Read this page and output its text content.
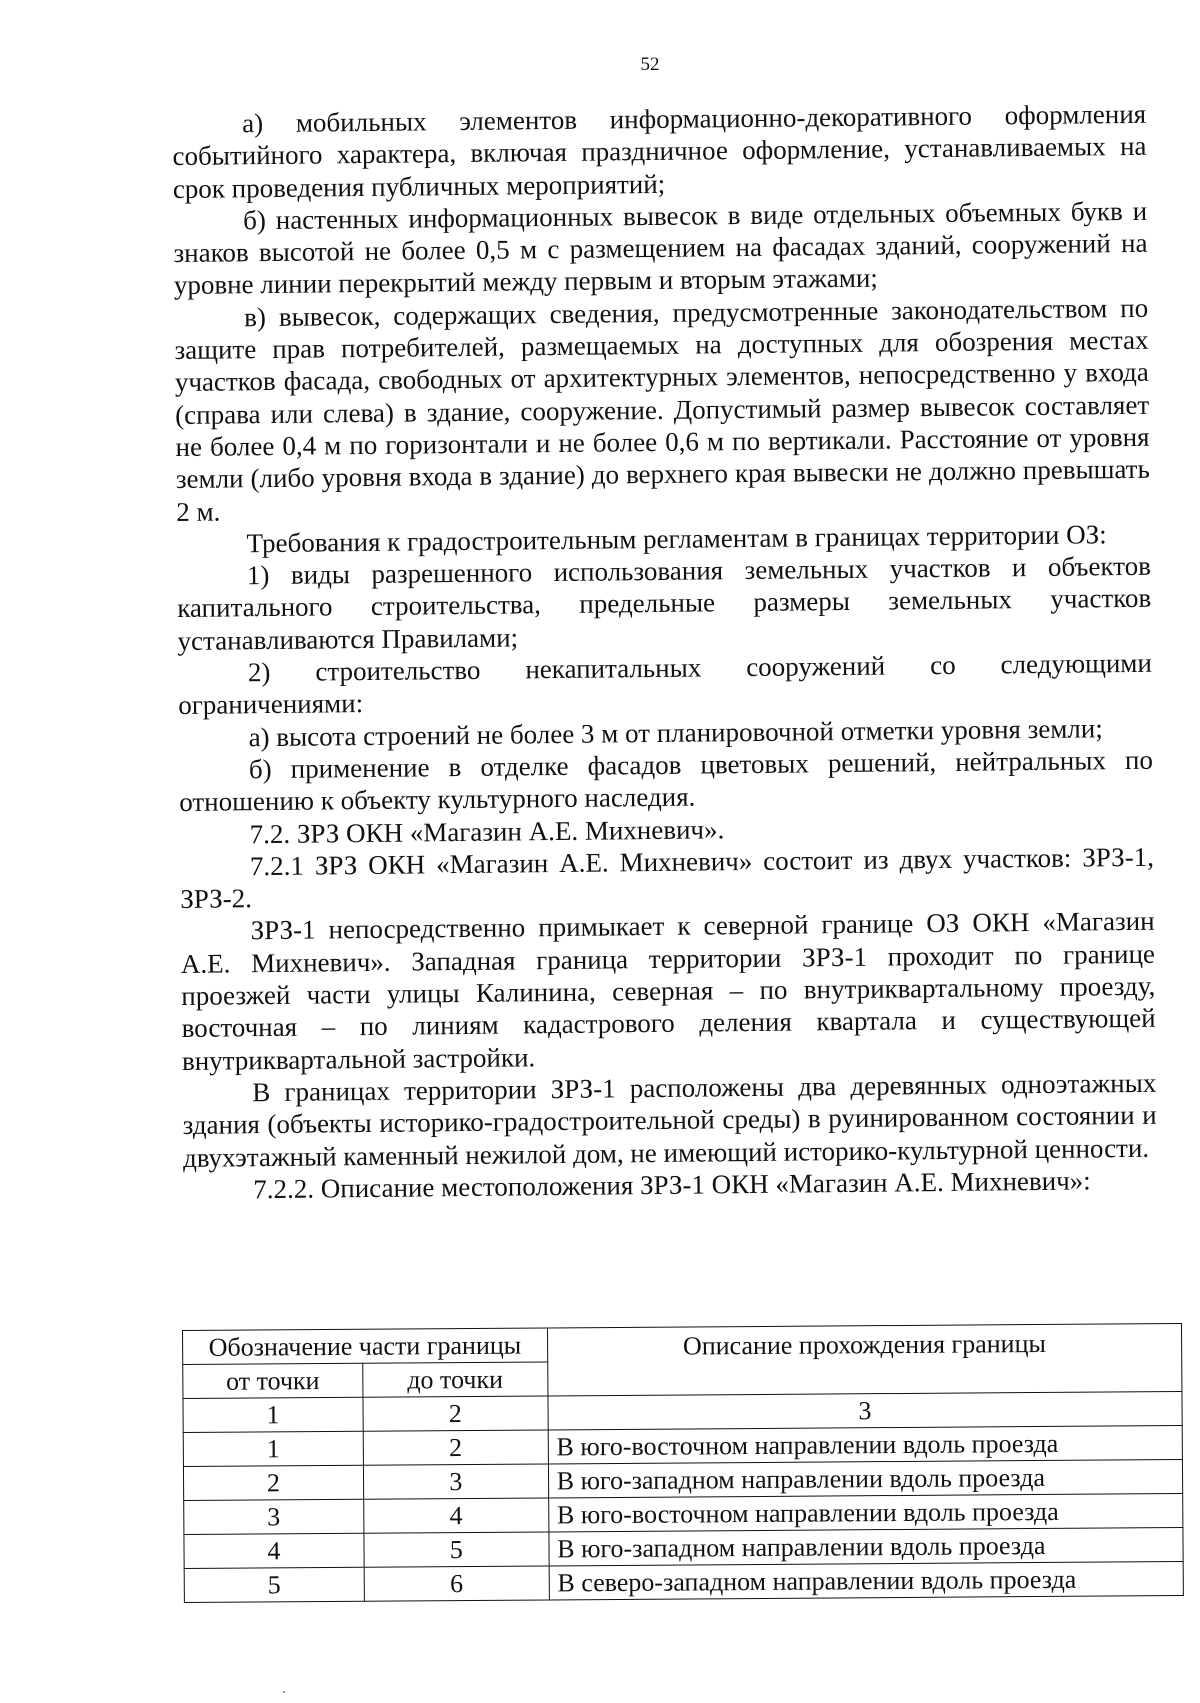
52

а) мобильных элементов информационно-декоративного оформления событийного характера, включая праздничное оформление, устанавливаемых на срок проведения публичных мероприятий;

б) настенных информационных вывесок в виде отдельных объемных букв и знаков высотой не более 0,5 м с размещением на фасадах зданий, сооружений на уровне линии перекрытий между первым и вторым этажами;

в) вывесок, содержащих сведения, предусмотренные законодательством по защите прав потребителей, размещаемых на доступных для обозрения местах участков фасада, свободных от архитектурных элементов, непосредственно у входа (справа или слева) в здание, сооружение. Допустимый размер вывесок составляет не более 0,4 м по горизонтали и не более 0,6 м по вертикали. Расстояние от уровня земли (либо уровня входа в здание) до верхнего края вывески не должно превышать 2 м.

Требования к градостроительным регламентам в границах территории ОЗ:

1) виды разрешенного использования земельных участков и объектов капитального строительства, предельные размеры земельных участков устанавливаются Правилами;

2) строительство некапитальных сооружений со следующими ограничениями:

а) высота строений не более 3 м от планировочной отметки уровня земли;

б) применение в отделке фасадов цветовых решений, нейтральных по отношению к объекту культурного наследия.

7.2. ЗРЗ ОКН «Магазин А.Е. Михневич».

7.2.1 ЗРЗ ОКН «Магазин А.Е. Михневич» состоит из двух участков: ЗРЗ-1, ЗРЗ-2.

ЗРЗ-1 непосредственно примыкает к северной границе ОЗ ОКН «Магазин А.Е. Михневич». Западная граница территории ЗРЗ-1 проходит по границе проезжей части улицы Калинина, северная – по внутриквартальному проезду, восточная – по линиям кадастрового деления квартала и существующей внутриквартальной застройки.

В границах территории ЗРЗ-1 расположены два деревянных одноэтажных здания (объекты историко-градостроительной среды) в руинированном состоянии и двухэтажный каменный нежилой дом, не имеющий историко-культурной ценности.

7.2.2. Описание местоположения ЗРЗ-1 ОКН «Магазин А.Е. Михневич»:

Обозначение части границы		Описание прохождения границы
от точки	до точки	
1	2	3
1	2	В юго-восточном направлении вдоль проезда
2	3	В юго-западном направлении вдоль проезда
3	4	В юго-восточном направлении вдоль проезда
4	5	В юго-западном направлении вдоль проезда
5	6	В северо-западном направлении вдоль проезда
